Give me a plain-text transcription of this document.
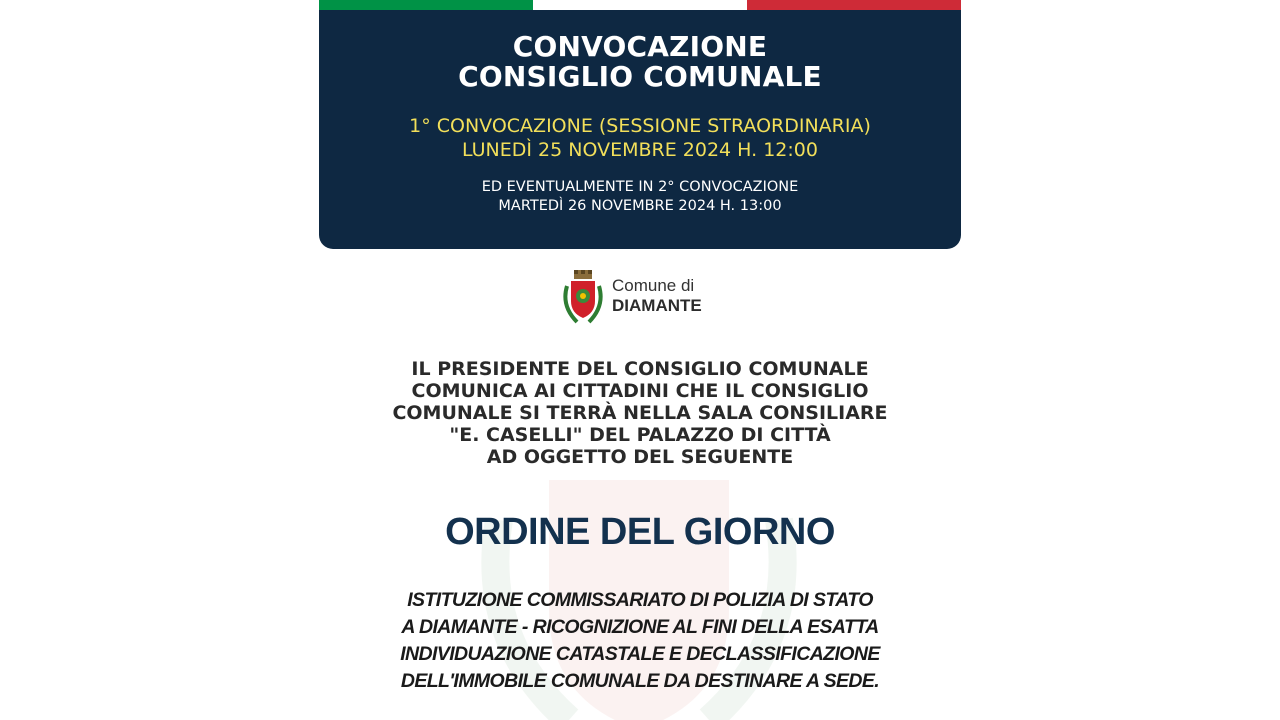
CONVOCAZIONE
CONSIGLIO COMUNALE
1° CONVOCAZIONE (SESSIONE STRAORDINARIA)
LUNEDÌ 25 NOVEMBRE 2024 H. 12:00
ED EVENTUALMENTE IN 2° CONVOCAZIONE
MARTEDÌ 26 NOVEMBRE 2024 H. 13:00
Comune di
DIAMANTE
IL PRESIDENTE DEL CONSIGLIO COMUNALE
COMUNICA AI CITTADINI CHE IL CONSIGLIO
COMUNALE SI TERRÀ NELLA SALA CONSILIARE
"E. CASELLI" DEL PALAZZO DI CITTÀ
AD OGGETTO DEL SEGUENTE
ORDINE DEL GIORNO
ISTITUZIONE COMMISSARIATO DI POLIZIA DI STATO
A DIAMANTE - RICOGNIZIONE AL FINI DELLA ESATTA
INDIVIDUAZIONE CATASTALE E DECLASSIFICAZIONE
DELL'IMMOBILE COMUNALE DA DESTINARE A SEDE.
